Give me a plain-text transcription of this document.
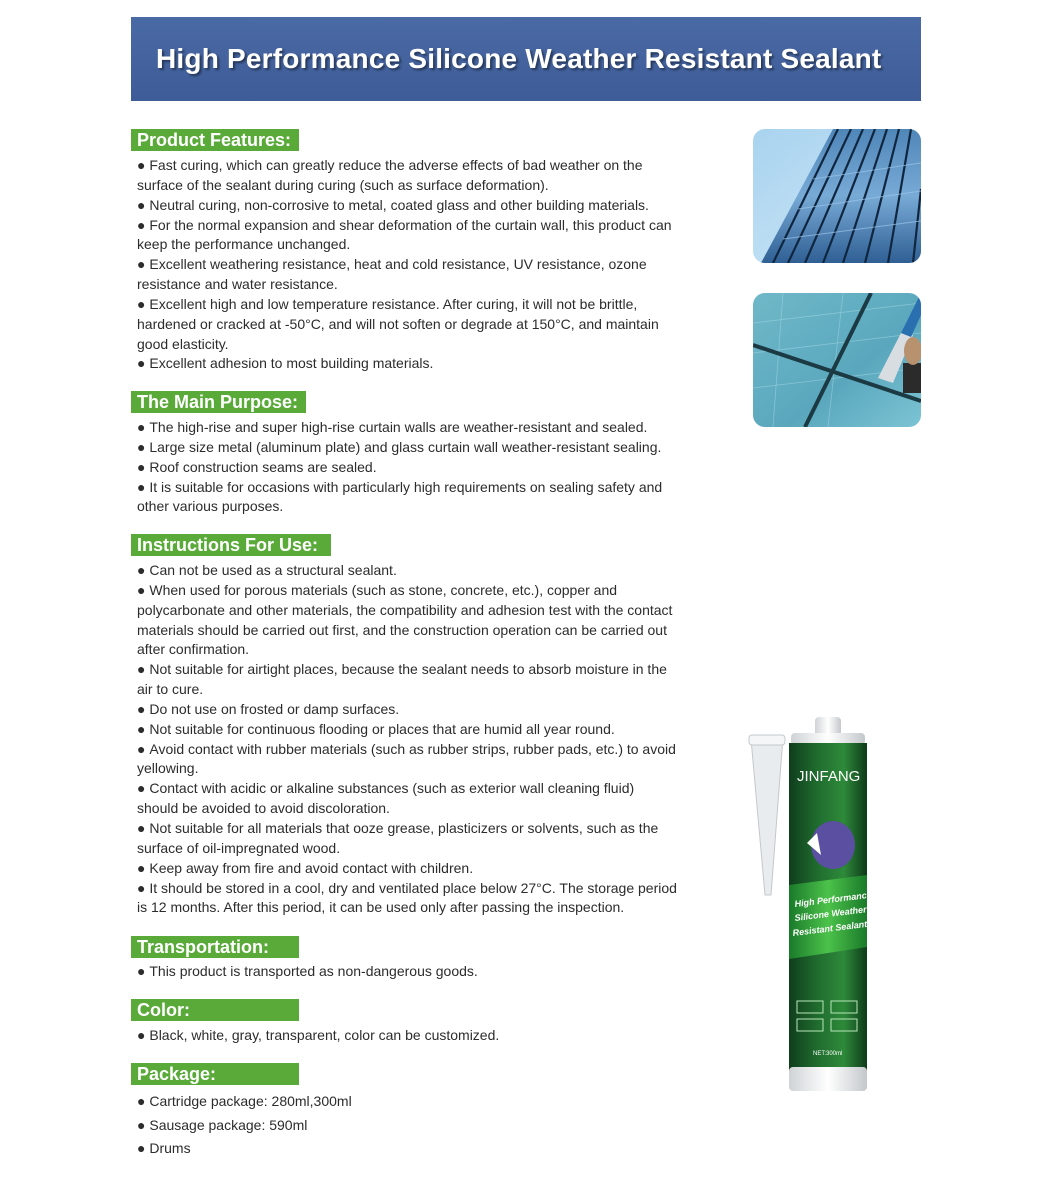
High Performance Silicone Weather Resistant Sealant
Product Features:
● Fast curing, which can greatly reduce the adverse effects of bad weather on the surface of the sealant during curing (such as surface deformation).
● Neutral curing, non-corrosive to metal, coated glass and other building materials.
● For the normal expansion and shear deformation of the curtain wall, this product can keep the performance unchanged.
● Excellent weathering resistance, heat and cold resistance, UV resistance, ozone resistance and water resistance.
● Excellent high and low temperature resistance. After curing, it will not be brittle, hardened or cracked at -50°C, and will not soften or degrade at 150°C, and maintain good elasticity.
● Excellent adhesion to most building materials.
The Main Purpose:
● The high-rise and super high-rise curtain walls are weather-resistant and sealed.
● Large size metal (aluminum plate) and glass curtain wall weather-resistant sealing.
● Roof construction seams are sealed.
● It is suitable for occasions with particularly high requirements on sealing safety and other various purposes.
Instructions For Use:
● Can not be used as a structural sealant.
● When used for porous materials (such as stone, concrete, etc.), copper and polycarbonate and other materials, the compatibility and adhesion test with the contact materials should be carried out first, and the construction operation can be carried out after confirmation.
● Not suitable for airtight places, because the sealant needs to absorb moisture in the air to cure.
● Do not use on frosted or damp surfaces.
● Not suitable for continuous flooding or places that are humid all year round.
● Avoid contact with rubber materials (such as rubber strips, rubber pads, etc.) to avoid yellowing.
● Contact with acidic or alkaline substances (such as exterior wall cleaning fluid) should be avoided to avoid discoloration.
● Not suitable for all materials that ooze grease, plasticizers or solvents, such as the surface of oil-impregnated wood.
● Keep away from fire and avoid contact with children.
● It should be stored in a cool, dry and ventilated place below 27°C. The storage period is 12 months. After this period, it can be used only after passing the inspection.
Transportation:
● This product is transported as non-dangerous goods.
Color:
● Black, white, gray, transparent, color can be customized.
Package:
● Cartridge package: 280ml,300ml
● Sausage package: 590ml
● Drums
JINFANG
High Performance
Silicone Weather
Resistant Sealant
NET:300ml
